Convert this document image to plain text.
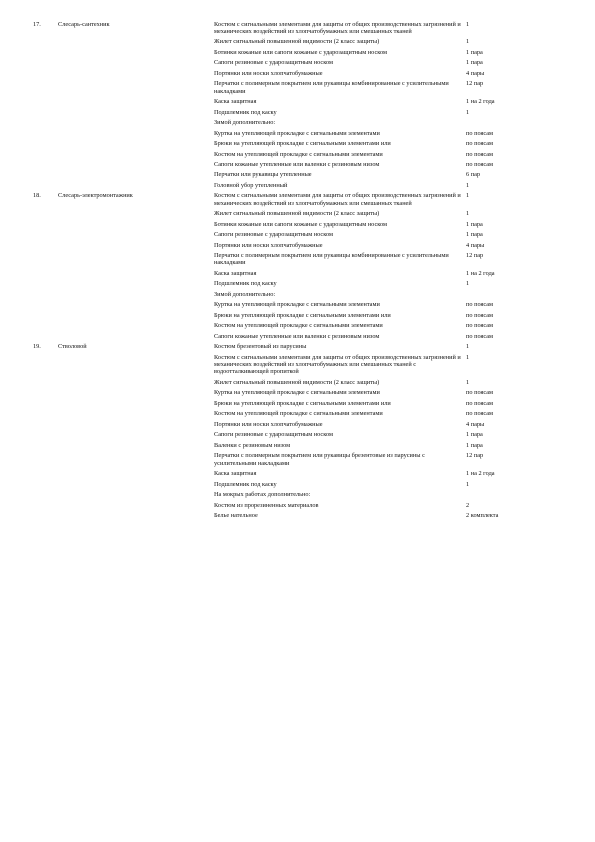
17.	Слесарь-сантехник	Костюм с сигнальными элементами для защиты от общих производственных загрязнений и механических воздействий из хлопчатобумажных или смешанных тканей	1
		Жилет сигнальный повышенной видимости (2 класс защиты)	1
		Ботинки кожаные или сапоги кожаные с ударозащитным носком	1 пара
		Сапоги резиновые с ударозащитным носком	1 пара
		Портянки или носки хлопчатобумажные	4 пары
		Перчатки с полимерным покрытием или рукавицы комбинированные с усилительными накладками	12 пар
		Каска защитная	1 на 2 года
		Подшлемник под каску	1
		Зимой дополнительно:	
		Куртка на утепляющей прокладке с сигнальными элементами	по поясам
		Брюки на утепляющей прокладке с сигнальными элементами или	по поясам
		Костюм на утепляющей прокладке с сигнальными элементами	по поясам
		Сапоги кожаные утепленные или валенки с резиновым низом	по поясам
		Перчатки или рукавицы утепленные	6 пар
		Головной убор утепленный	1
18.	Слесарь-электромонтажник	Костюм с сигнальными элементами для защиты от общих производственных загрязнений и механических воздействий из хлопчатобумажных или смешанных тканей	1
		Жилет сигнальный повышенной видимости (2 класс защиты)	1
		Ботинки кожаные или сапоги кожаные с ударозащитным носком	1 пара
		Сапоги резиновые с ударозащитным носком	1 пара
		Портянки или носки хлопчатобумажные	4 пары
		Перчатки с полимерным покрытием или рукавицы комбинированные с усилительными накладками	12 пар
		Каска защитная	1 на 2 года
		Подшлемник под каску	1
		Зимой дополнительно:	
		Куртка на утепляющей прокладке с сигнальными элементами	по поясам
		Брюки на утепляющей прокладке с сигнальными элементами или	по поясам
		Костюм на утепляющей прокладке с сигнальными элементами	по поясам
		Сапоги кожаные утепленные или валенки с резиновым низом	по поясам
19.	Стволовой	Костюм брезентовый из парусины	1
		Костюм с сигнальными элементами для защиты от общих производственных загрязнений и механических воздействий из хлопчатобумажных или смешанных тканей с водоотталкивающей пропиткой	1
		Жилет сигнальный повышенной видимости (2 класс защиты)	1
		Куртка на утепляющей прокладке с сигнальными элементами	по поясам
		Брюки на утепляющей прокладке с сигнальными элементами или	по поясам
		Костюм на утепляющей прокладке с сигнальными элементами	по поясам
		Портянки или носки хлопчатобумажные	4 пары
		Сапоги резиновые с ударозащитным носком	1 пара
		Валенки с резиновым низом	1 пара
		Перчатки с полимерным покрытием или рукавицы брезентовые из парусины с усилительными накладками	12 пар
		Каска защитная	1 на 2 года
		Подшлемник под каску	1
		На мокрых работах дополнительно:	
		Костюм из прорезиненных материалов	2
		Белье нательное	2 комплекта
